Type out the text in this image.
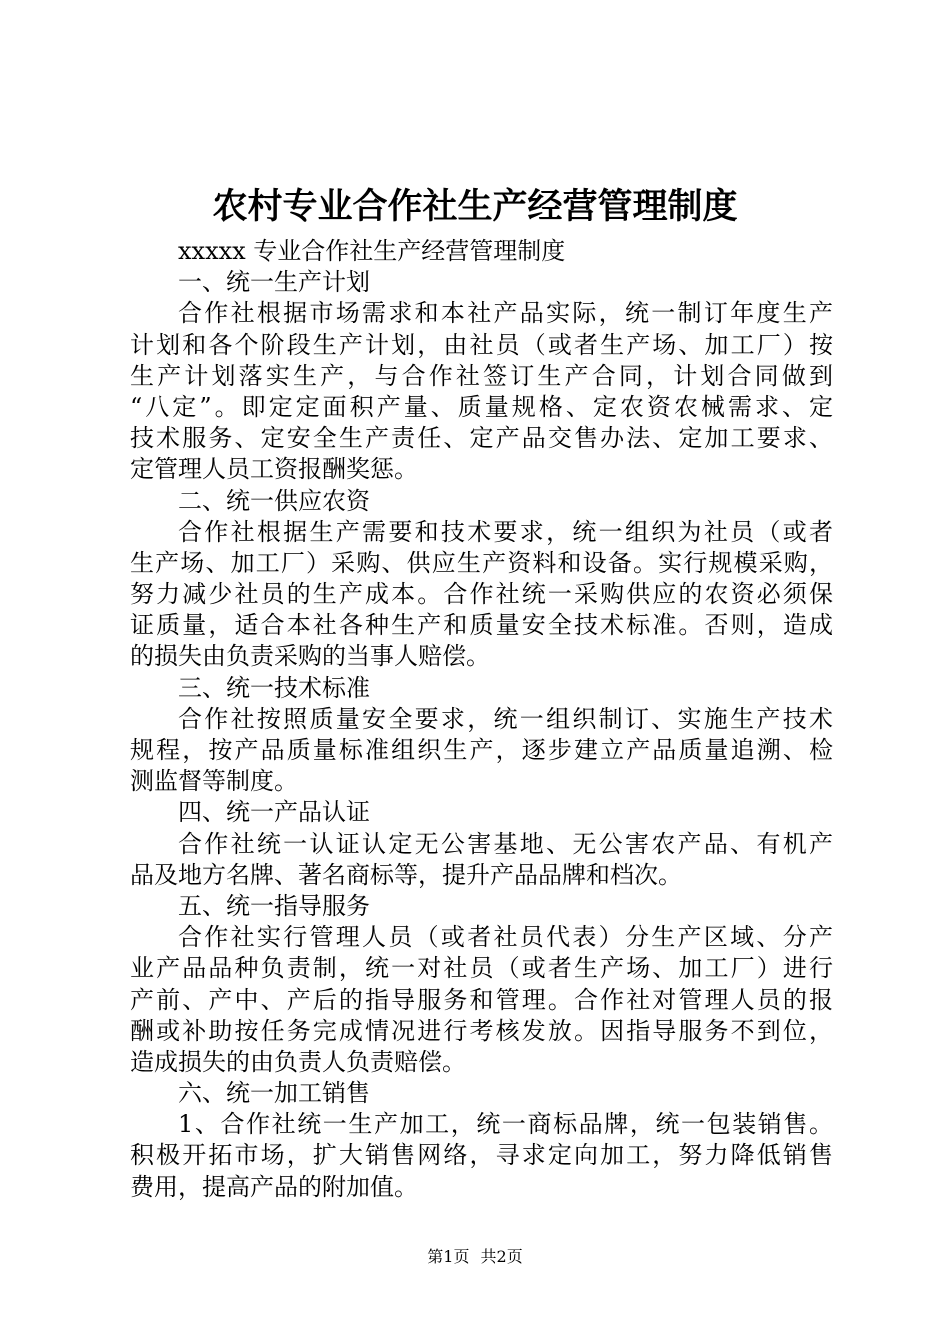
农村专业合作社生产经营管理制度

xxxxx 专业合作社生产经营管理制度

一、统一生产计划

合作社根据市场需求和本社产品实际，统一制订年度生产

计划和各个阶段生产计划，由社员（或者生产场、加工厂）按

生产计划落实生产，与合作社签订生产合同，计划合同做到

“八定”。即定定面积产量、质量规格、定农资农械需求、定

技术服务、定安全生产责任、定产品交售办法、定加工要求、

定管理人员工资报酬奖惩。

二、统一供应农资

合作社根据生产需要和技术要求，统一组织为社员（或者

生产场、加工厂）采购、供应生产资料和设备。实行规模采购，

努力减少社员的生产成本。合作社统一采购供应的农资必须保

证质量，适合本社各种生产和质量安全技术标准。否则，造成

的损失由负责采购的当事人赔偿。

三、统一技术标准

合作社按照质量安全要求，统一组织制订、实施生产技术

规程，按产品质量标准组织生产，逐步建立产品质量追溯、检

测监督等制度。

四、统一产品认证

合作社统一认证认定无公害基地、无公害农产品、有机产

品及地方名牌、著名商标等，提升产品品牌和档次。

五、统一指导服务

合作社实行管理人员（或者社员代表）分生产区域、分产

业产品品种负责制，统一对社员（或者生产场、加工厂）进行

产前、产中、产后的指导服务和管理。合作社对管理人员的报

酬或补助按任务完成情况进行考核发放。因指导服务不到位，

造成损失的由负责人负责赔偿。

六、统一加工销售

1、合作社统一生产加工，统一商标品牌，统一包装销售。

积极开拓市场，扩大销售网络，寻求定向加工，努力降低销售

费用，提高产品的附加值。

第1页 共2页
